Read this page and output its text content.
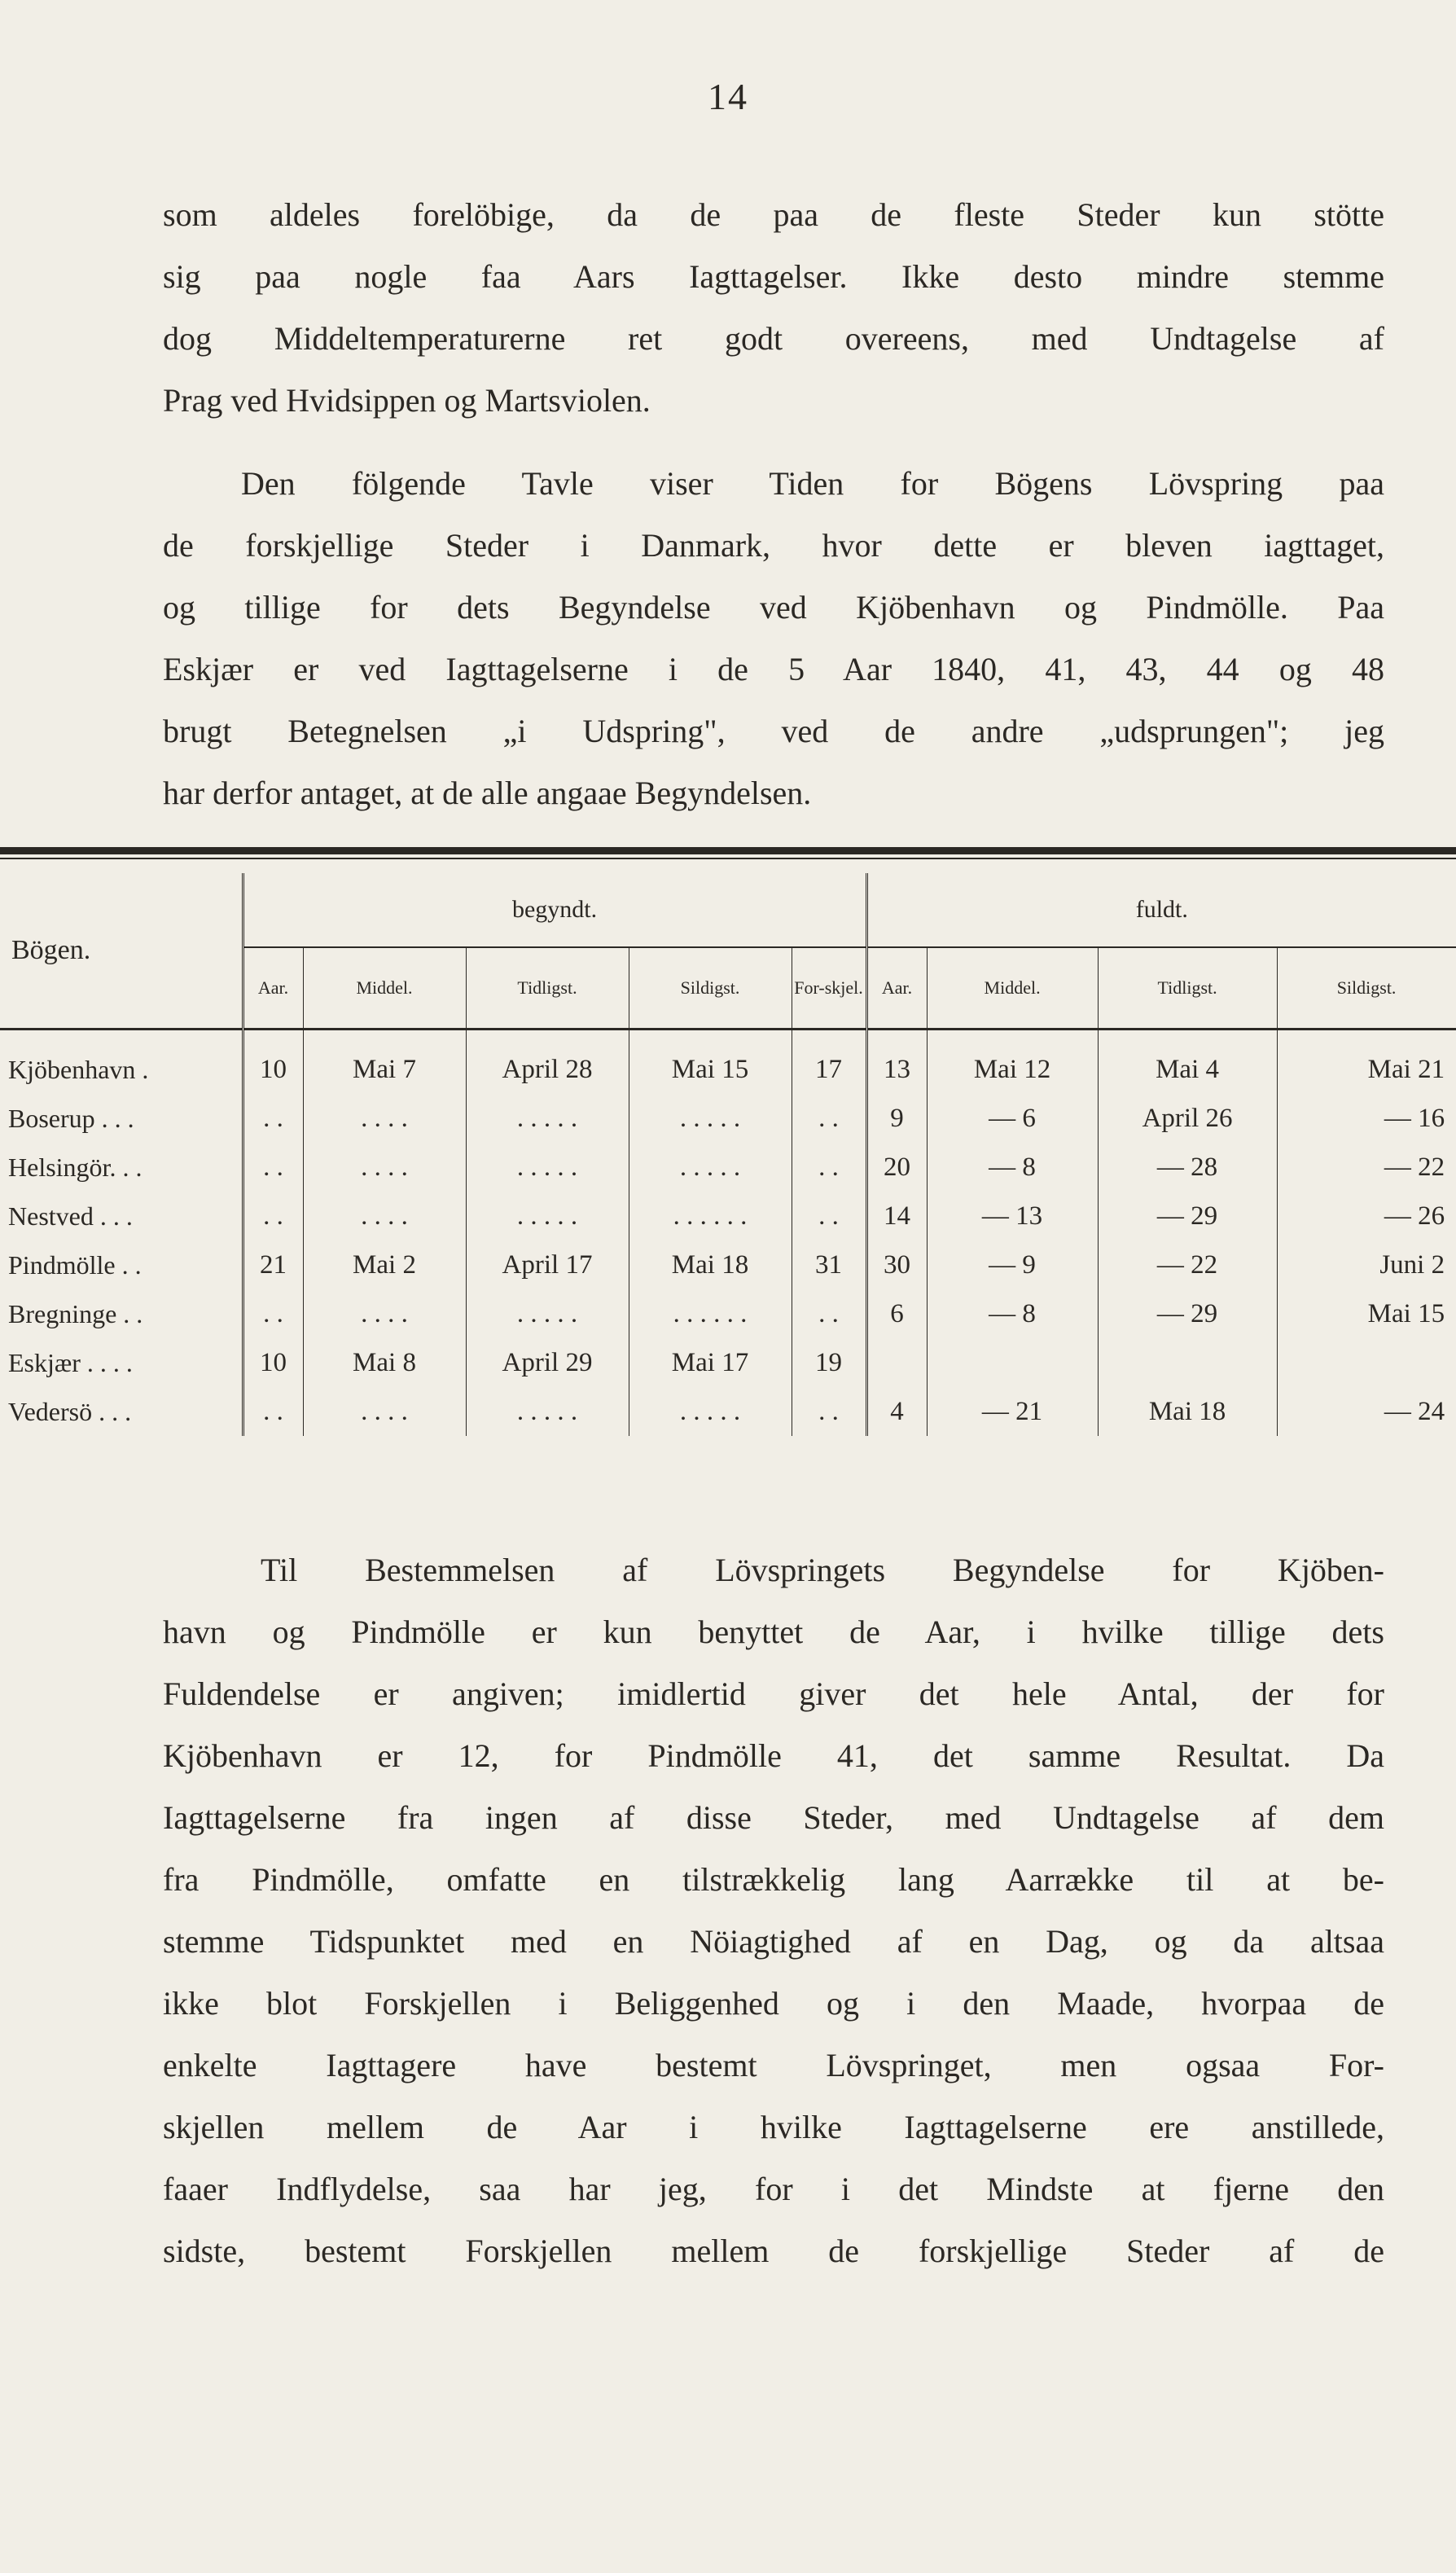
14
som aldeles forelöbige, da de paa de fleste Steder kun stötte
sig paa nogle faa Aars Iagttagelser. Ikke desto mindre stemme
dog Middeltemperaturerne ret godt overeens, med Undtagelse af
Prag ved Hvidsippen og Martsviolen.
Den fölgende Tavle viser Tiden for Bögens Lövspring paa
de forskjellige Steder i Danmark, hvor dette er bleven iagttaget,
og tillige for dets Begyndelse ved Kjöbenhavn og Pindmölle. Paa
Eskjær er ved Iagttagelserne i de 5 Aar 1840, 41, 43, 44 og 48
brugt Betegnelsen „i Udspring", ved de andre „udsprungen"; jeg
har derfor antaget, at de alle angaae Begyndelsen.
Bögen.	begyndt.					fuldt.			
	Aar.	Middel.	Tidligst.	Sildigst.	For-skjel.	Aar.	Middel.	Tidligst.	Sildigst.
Kjöbenhavn .	10	Mai 7	April 28	Mai 15	17	13	Mai 12	Mai 4	Mai 21
Boserup . . .	. .	. . . .	. . . . .	. . . . .	. .	9	— 6	April 26	— 16
Helsingör. . .	. .	. . . .	. . . . .	. . . . .	. .	20	— 8	— 28	— 22
Nestved . . .	. .	. . . .	. . . . .	. . . . . .	. .	14	— 13	— 29	— 26
Pindmölle . .	21	Mai 2	April 17	Mai 18	31	30	— 9	— 22	Juni 2
Bregninge . .	. .	. . . .	. . . . .	. . . . . .	. .	6	— 8	— 29	Mai 15
Eskjær . . . .	10	Mai 8	April 29	Mai 17	19				
Vedersö . . .	. .	. . . .	. . . . .	. . . . .	. .	4	— 21	Mai 18	— 24
Til Bestemmelsen af Lövspringets Begyndelse for Kjöben-
havn og Pindmölle er kun benyttet de Aar, i hvilke tillige dets
Fuldendelse er angiven; imidlertid giver det hele Antal, der for
Kjöbenhavn er 12, for Pindmölle 41, det samme Resultat. Da
Iagttagelserne fra ingen af disse Steder, med Undtagelse af dem
fra Pindmölle, omfatte en tilstrækkelig lang Aarrække til at be-
stemme Tidspunktet med en Nöiagtighed af en Dag, og da altsaa
ikke blot Forskjellen i Beliggenhed og i den Maade, hvorpaa de
enkelte Iagttagere have bestemt Lövspringet, men ogsaa For-
skjellen mellem de Aar i hvilke Iagttagelserne ere anstillede,
faaer Indflydelse, saa har jeg, for i det Mindste at fjerne den
sidste, bestemt Forskjellen mellem de forskjellige Steder af de
